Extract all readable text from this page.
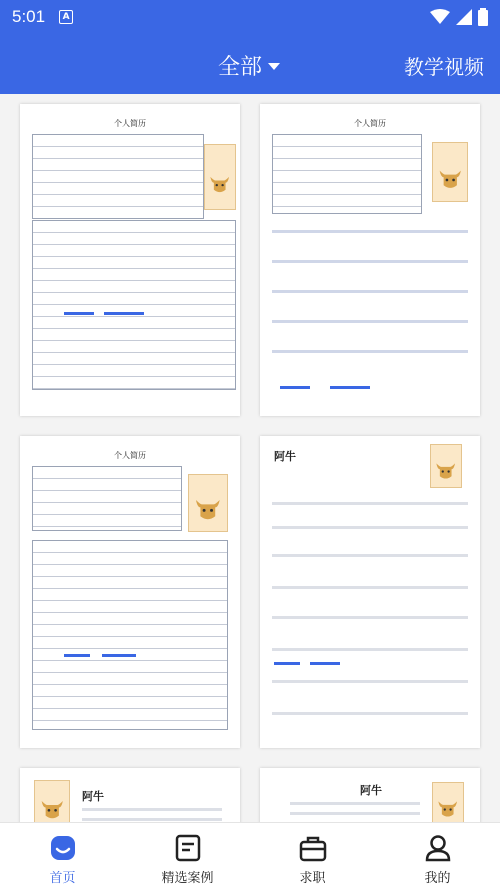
5:01	A
全部	教学视频
个人简历	个人简历
个人简历	阿牛
阿牛	阿牛
首页	精选案例	求职	我的
